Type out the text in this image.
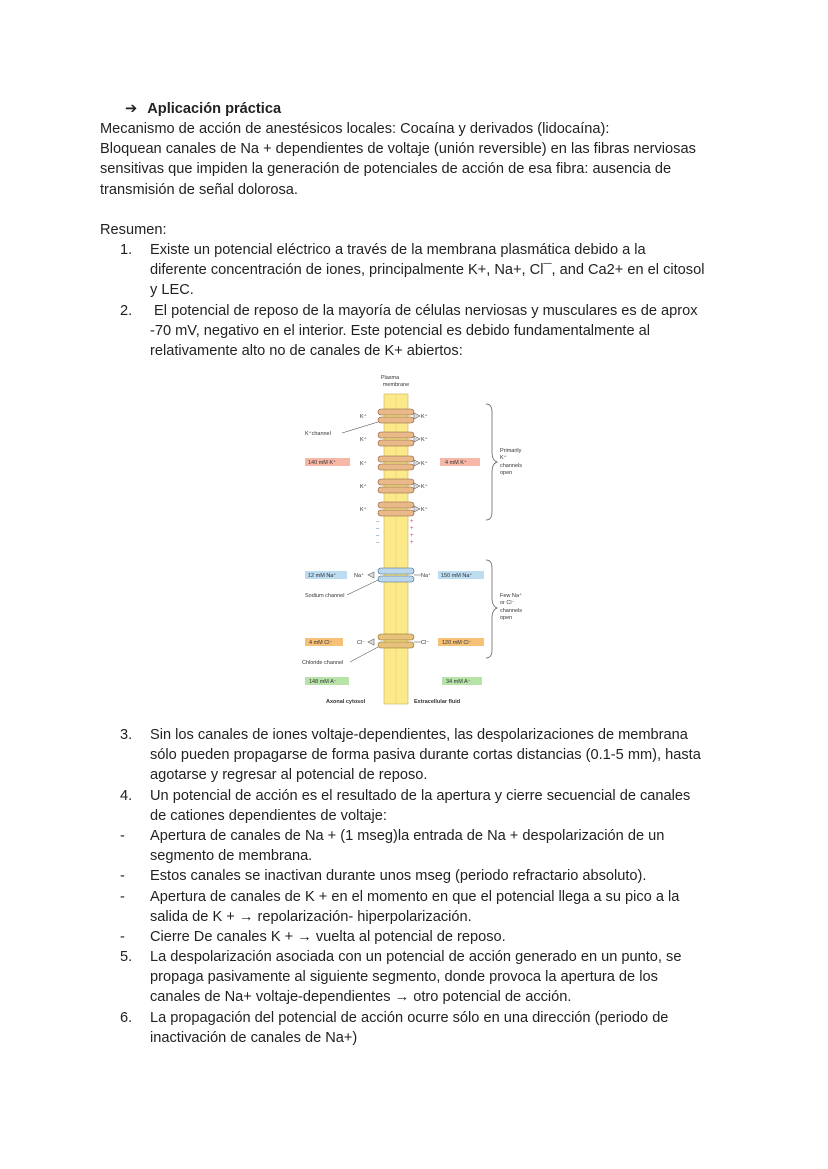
➔ Aplicación práctica

Mecanismo de acción de anestésicos locales: Cocaína y derivados (lidocaína):

Bloquean canales de Na + dependientes de voltaje (unión reversible) en las fibras nerviosas

sensitivas que impiden la generación de potenciales de acción de esa fibra: ausencia de

transmisión de señal dolorosa.

Resumen:
1.	Existe un potencial eléctrico a través de la membrana plasmática debido a la
diferente concentración de iones, principalmente K+, Na+, Cl¯, and Ca2+ en el citosol
y LEC.
2.	El potencial de reposo de la mayoría de células nerviosas y musculares es de aprox
-70 mV, negativo en el interior. Este potencial es debido fundamentalmente al
relativamente alto no de canales de K+ abiertos:
Plasma
membrane
K⁺
K⁺
K⁺
K⁺
K⁺
K⁺
K⁺
K⁺
K⁺
K⁺
K⁺channel
140 mM K⁺	4 mM K⁺
Primarily
K⁺
channels
open
–
–
–
–
+
+
+
+
12 mM Na⁺	Na⁺	Na⁺ 150 mM Na⁺
Sodium channel	Few Na⁺
or Cl⁻
channels
open
4 mM Cl⁻	Cl⁻	Cl⁻ 120 mM Cl⁻
Chloride channel
148 mM A⁻	34 mM A⁻
Axonal cytosol	Extracellular fluid
3.	Sin los canales de iones voltaje-dependientes, las despolarizaciones de membrana
sólo pueden propagarse de forma pasiva durante cortas distancias (0.1-5 mm), hasta
agotarse y regresar al potencial de reposo.
4.	Un potencial de acción es el resultado de la apertura y cierre secuencial de canales
de cationes dependientes de voltaje:
-	Apertura de canales de Na + (1 mseg)la entrada de Na + despolarización de un
segmento de membrana.
-	Estos canales se inactivan durante unos mseg (periodo refractario absoluto).
-	Apertura de canales de K + en el momento en que el potencial llega a su pico a la
salida de K + → repolarización- hiperpolarización.
-	Cierre De canales K + → vuelta al potencial de reposo.
5.	La despolarización asociada con un potencial de acción generado en un punto, se
propaga pasivamente al siguiente segmento, donde provoca la apertura de los
canales de Na+ voltaje-dependientes → otro potencial de acción.
6.	La propagación del potencial de acción ocurre sólo en una dirección (periodo de
inactivación de canales de Na+)
